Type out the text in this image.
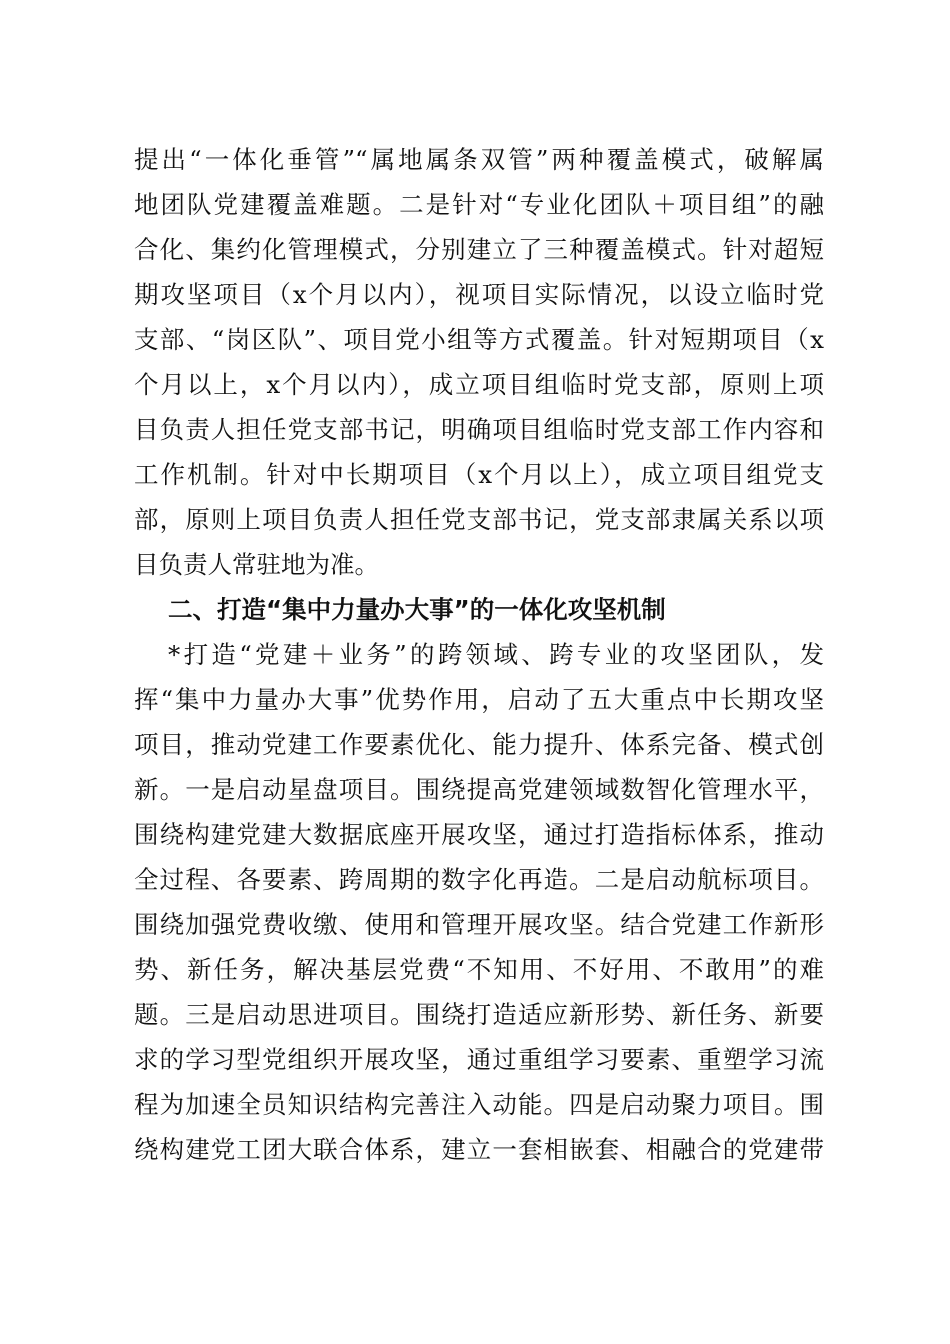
提出“一体化垂管”“属地属条双管”两种覆盖模式，破解属
地团队党建覆盖难题。二是针对“专业化团队＋项目组”的融
合化、集约化管理模式，分别建立了三种覆盖模式。针对超短
期攻坚项目（x个月以内），视项目实际情况，以设立临时党
支部、“岗区队”、项目党小组等方式覆盖。针对短期项目（x
个月以上，x个月以内），成立项目组临时党支部，原则上项
目负责人担任党支部书记，明确项目组临时党支部工作内容和
工作机制。针对中长期项目（x个月以上），成立项目组党支
部，原则上项目负责人担任党支部书记，党支部隶属关系以项
目负责人常驻地为准。
二、打造“集中力量办大事”的一体化攻坚机制
*打造“党建＋业务”的跨领域、跨专业的攻坚团队，发
挥“集中力量办大事”优势作用，启动了五大重点中长期攻坚
项目，推动党建工作要素优化、能力提升、体系完备、模式创
新。一是启动星盘项目。围绕提高党建领域数智化管理水平，
围绕构建党建大数据底座开展攻坚，通过打造指标体系，推动
全过程、各要素、跨周期的数字化再造。二是启动航标项目。
围绕加强党费收缴、使用和管理开展攻坚。结合党建工作新形
势、新任务，解决基层党费“不知用、不好用、不敢用”的难
题。三是启动思进项目。围绕打造适应新形势、新任务、新要
求的学习型党组织开展攻坚，通过重组学习要素、重塑学习流
程为加速全员知识结构完善注入动能。四是启动聚力项目。围
绕构建党工团大联合体系，建立一套相嵌套、相融合的党建带
